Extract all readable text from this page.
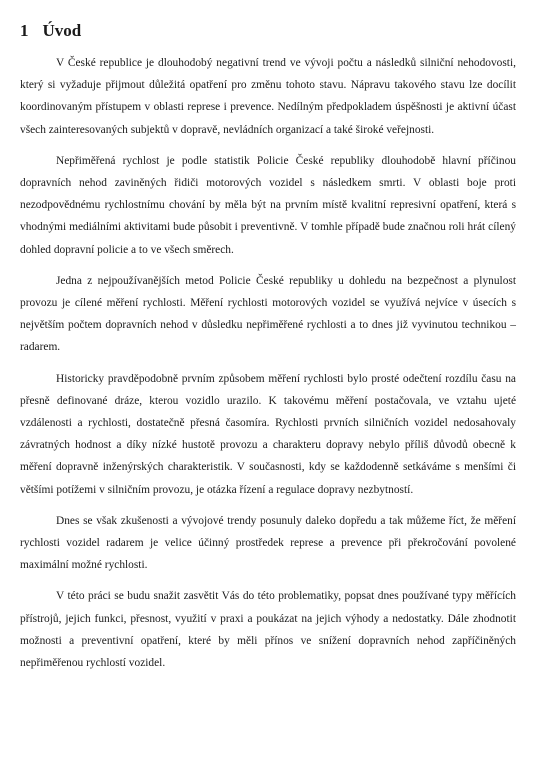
1 Úvod

V České republice je dlouhodobý negativní trend ve vývoji počtu a následků silniční nehodovosti, který si vyžaduje přijmout důležitá opatření pro změnu tohoto stavu. Nápravu takového stavu lze docílit koordinovaným přístupem v oblasti represe i prevence. Nedílným předpokladem úspěšnosti je aktivní účast všech zainteresovaných subjektů v dopravě, nevládních organizací a také široké veřejnosti.

Nepřiměřená rychlost je podle statistik Policie České republiky dlouhodobě hlavní příčinou dopravních nehod zaviněných řidiči motorových vozidel s následkem smrti. V oblasti boje proti nezodpovědnému rychlostnímu chování by měla být na prvním místě kvalitní represivní opatření, která s vhodnými mediálními aktivitami bude působit i preventivně. V tomhle případě bude značnou roli hrát cílený dohled dopravní policie a to ve všech směrech.

Jedna z nejpoužívanějších metod Policie České republiky u dohledu na bezpečnost a plynulost provozu je cílené měření rychlosti. Měření rychlosti motorových vozidel se využívá nejvíce v úsecích s největším počtem dopravních nehod v důsledku nepřiměřené rychlosti a to dnes již vyvinutou technikou – radarem.

Historicky pravděpodobně prvním způsobem měření rychlosti bylo prosté odečtení rozdílu času na přesně definované dráze, kterou vozidlo urazilo. K takovému měření postačovala, ve vztahu ujeté vzdálenosti a rychlosti, dostatečně přesná časomíra. Rychlosti prvních silničních vozidel nedosahovaly závratných hodnost a díky nízké hustotě provozu a charakteru dopravy nebylo příliš důvodů obecně k měření dopravně inženýrských charakteristik. V současnosti, kdy se každodenně setkáváme s menšími či většími potížemi v silničním provozu, je otázka řízení a regulace dopravy nezbytností.

Dnes se však zkušenosti a vývojové trendy posunuly daleko dopředu a tak můžeme říct, že měření rychlosti vozidel radarem je velice účinný prostředek represe a prevence při překročování povolené maximální možné rychlosti.

V této práci se budu snažit zasvětit Vás do této problematiky, popsat dnes používané typy měřících přístrojů, jejich funkci, přesnost, využití v praxi a poukázat na jejich výhody a nedostatky. Dále zhodnotit možnosti a preventivní opatření, které by měli přínos ve snížení dopravních nehod zapříčiněných nepřiměřenou rychlostí vozidel.
